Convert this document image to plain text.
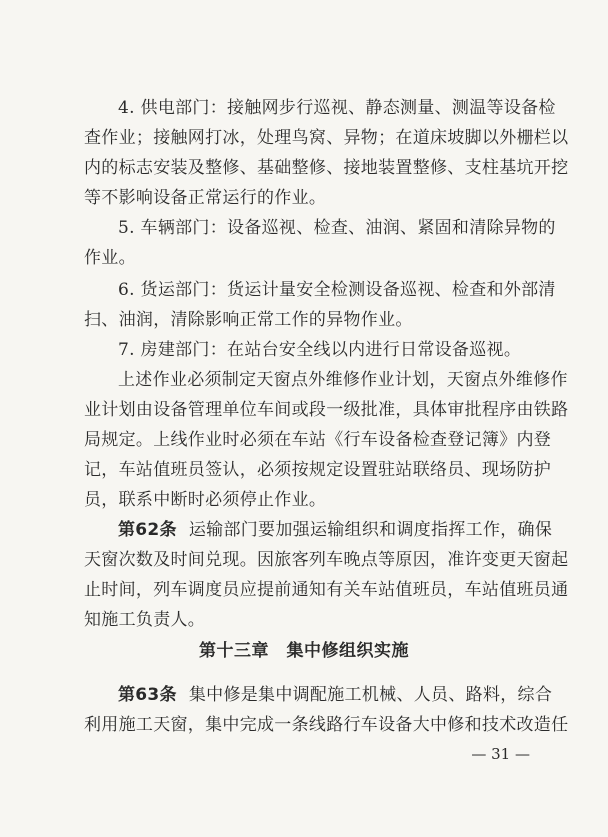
4. 供电部门：接触网步行巡视、静态测量、测温等设备检
查作业；接触网打冰，处理鸟窝、异物；在道床坡脚以外栅栏以
内的标志安装及整修、基础整修、接地装置整修、支柱基坑开挖
等不影响设备正常运行的作业。
5. 车辆部门：设备巡视、检查、油润、紧固和清除异物的
作业。
6. 货运部门：货运计量安全检测设备巡视、检查和外部清
扫、油润，清除影响正常工作的异物作业。
7. 房建部门：在站台安全线以内进行日常设备巡视。
上述作业必须制定天窗点外维修作业计划，天窗点外维修作
业计划由设备管理单位车间或段一级批准，具体审批程序由铁路
局规定。上线作业时必须在车站《行车设备检查登记簿》内登
记，车站值班员签认，必须按规定设置驻站联络员、现场防护
员，联系中断时必须停止作业。
第62条 运输部门要加强运输组织和调度指挥工作，确保
天窗次数及时间兑现。因旅客列车晚点等原因，准许变更天窗起
止时间，列车调度员应提前通知有关车站值班员，车站值班员通
知施工负责人。
第十三章　集中修组织实施
第63条 集中修是集中调配施工机械、人员、路料，综合
利用施工天窗，集中完成一条线路行车设备大中修和技术改造任
— 31 —
